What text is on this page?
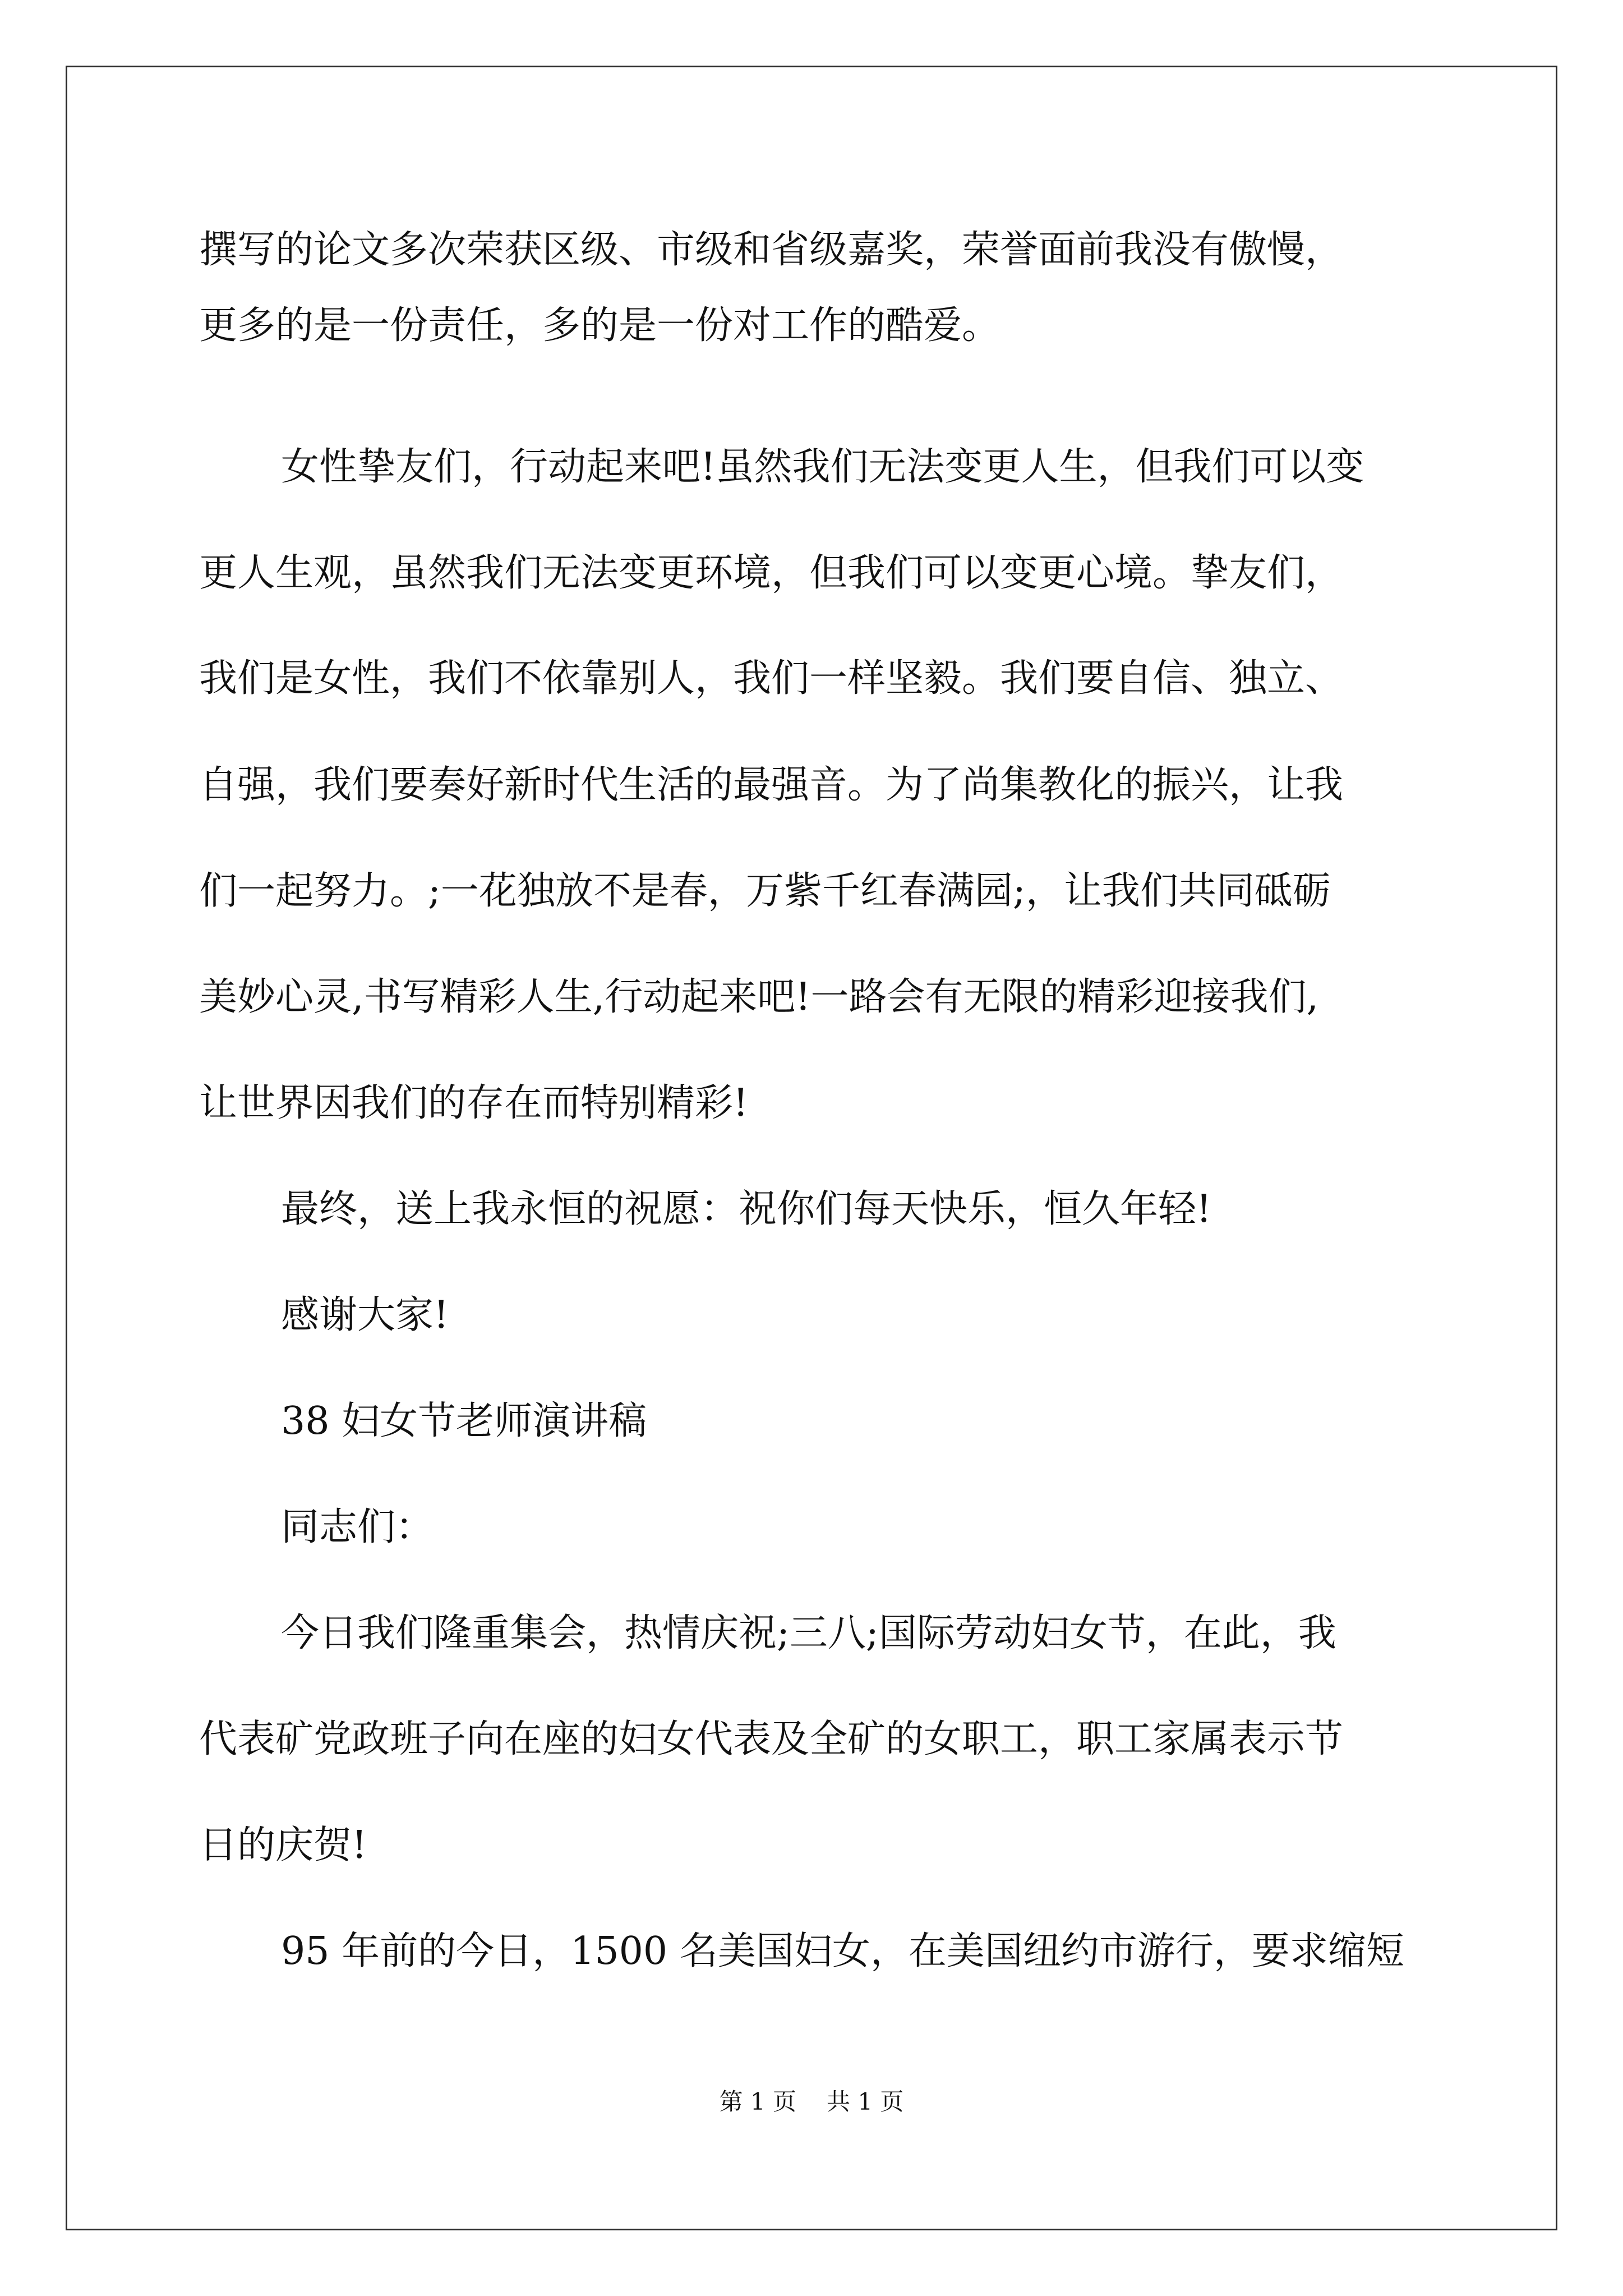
撰写的论文多次荣获区级、市级和省级嘉奖，荣誉面前我没有傲慢，
更多的是一份责任，多的是一份对工作的酷爱。
女性挚友们，行动起来吧!虽然我们无法变更人生，但我们可以变
更人生观，虽然我们无法变更环境，但我们可以变更心境。挚友们，
我们是女性，我们不依靠别人，我们一样坚毅。我们要自信、独立、
自强，我们要奏好新时代生活的最强音。为了尚集教化的振兴，让我
们一起努力。;一花独放不是春，万紫千红春满园;，让我们共同砥砺
美妙心灵,书写精彩人生,行动起来吧!一路会有无限的精彩迎接我们,
让世界因我们的存在而特别精彩!
最终，送上我永恒的祝愿：祝你们每天快乐，恒久年轻!
感谢大家!
38 妇女节老师演讲稿
同志们：
今日我们隆重集会，热情庆祝;三八;国际劳动妇女节，在此，我
代表矿党政班子向在座的妇女代表及全矿的女职工，职工家属表示节
日的庆贺!
95 年前的今日，1500 名美国妇女，在美国纽约市游行，要求缩短
第 1 页 共 1 页
